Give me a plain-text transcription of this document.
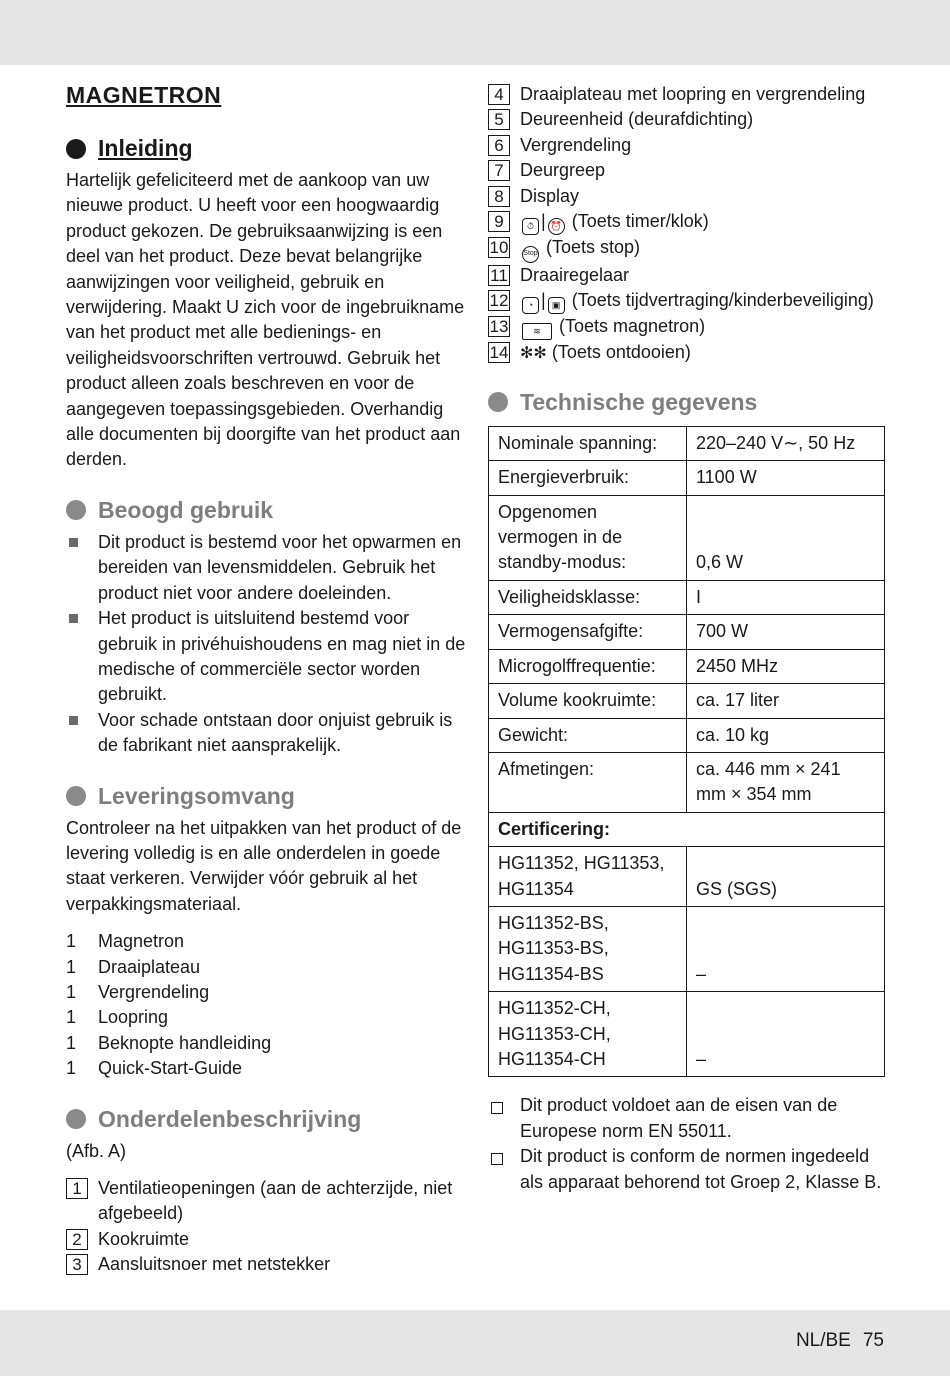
MAGNETRON
Inleiding

Hartelijk gefeliciteerd met de aankoop van uw nieuwe product. U heeft voor een hoogwaardig product gekozen. De gebruiksaanwijzing is een deel van het product. Deze bevat belangrijke aanwijzingen voor veiligheid, gebruik en verwijdering. Maakt U zich voor de ingebruikname van het product met alle bedienings- en veiligheidsvoorschriften vertrouwd. Gebruik het product alleen zoals beschreven en voor de aangegeven toepassingsgebieden. Overhandig alle documenten bij doorgifte van het product aan derden.

Beoogd gebruik
Dit product is bestemd voor het opwarmen en bereiden van levensmiddelen. Gebruik het product niet voor andere doeleinden.
Het product is uitsluitend bestemd voor gebruik in privéhuishoudens en mag niet in de medische of commerciële sector worden gebruikt.
Voor schade ontstaan door onjuist gebruik is de fabrikant niet aansprakelijk.
Leveringsomvang

Controleer na het uitpakken van het product of de levering volledig is en alle onderdelen in goede staat verkeren. Verwijder vóór gebruik al het verpakkingsmateriaal.

1	Magnetron
1	Draaiplateau
1	Vergrendeling
1	Loopring
1	Beknopte handleiding
1	Quick-Start-Guide
Onderdelenbeschrijving

(Afb. A)

1 Ventilatieopeningen (aan de achterzijde, niet afgebeeld)
2 Kookruimte
3 Aansluitsnoer met netstekker
4 Draaiplateau met loopring en vergrendeling
5 Deureenheid (deurafdichting)
6 Vergrendeling
7 Deurgreep
8 Display
9	⏱ | ⏰ (Toets timer/klok)
10	Stop (Toets stop)
11 Draairegelaar
12	◔ | ▣ (Toets tijdvertraging/kinderbeveiliging)
13	≋ (Toets magnetron)
14 ✻✻ (Toets ontdooien)
Technische gegevens
Nominale spanning:	220–240 V∼, 50 Hz
Energieverbruik:	1100 W
Opgenomen vermogen in de standby-modus:	0,6 W
Veiligheidsklasse:	I
Vermogensafgifte:	700 W
Microgolffrequentie:	2450 MHz
Volume kookruimte:	ca. 17 liter
Gewicht:	ca. 10 kg
Afmetingen:	ca. 446 mm × 241 mm × 354 mm
Certificering:	
HG11352, HG11353, HG11354	GS (SGS)
HG11352-BS, HG11353-BS, HG11354-BS	–
HG11352-CH, HG11353-CH, HG11354-CH	–
Dit product voldoet aan de eisen van de Europese norm EN 55011.
Dit product is conform de normen ingedeeld als apparaat behorend tot Groep 2, Klasse B.
NL/BE 75
